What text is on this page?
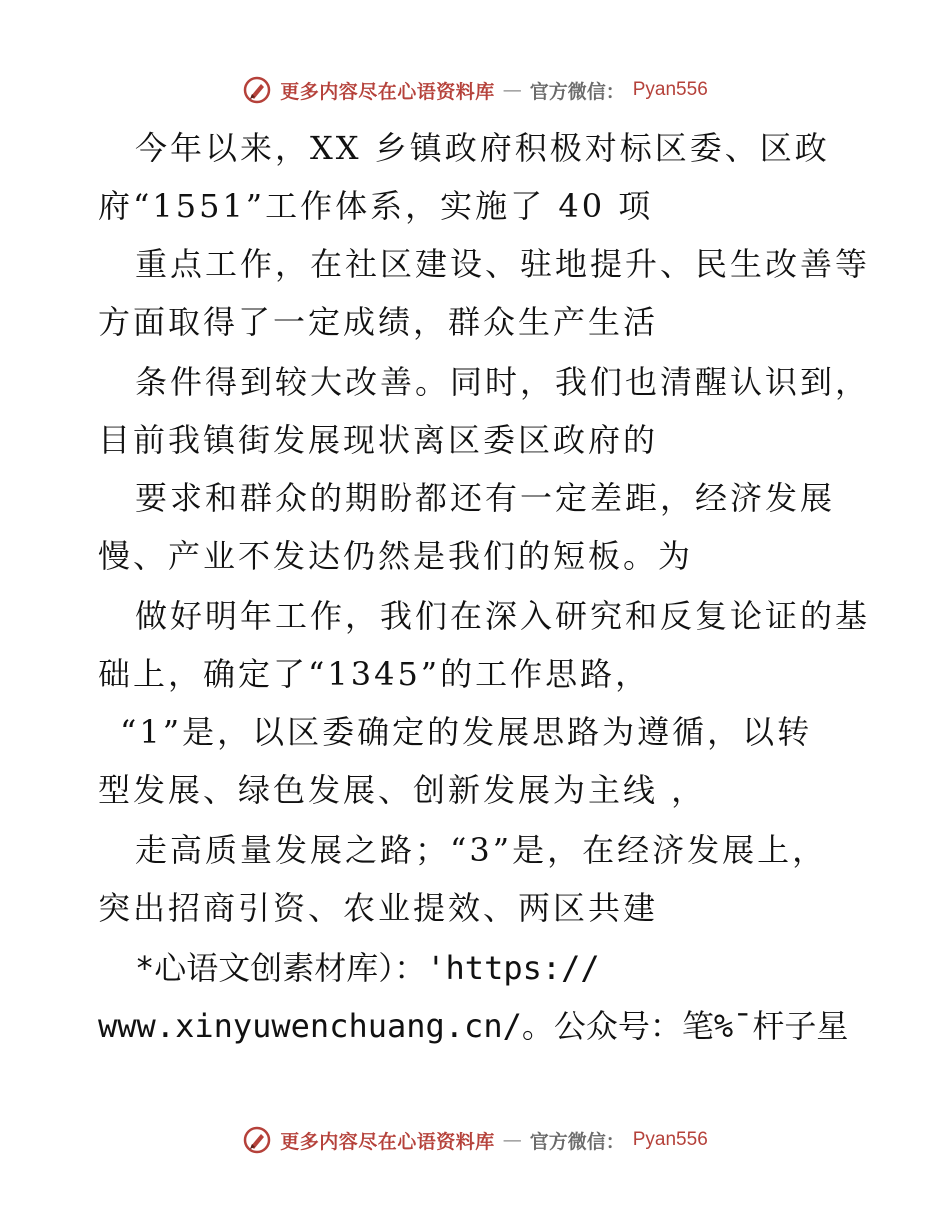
更多内容尽在心语资料库 — 官方微信： Pyan556
今年以来，XX 乡镇政府积极对标区委、区政
府“1551”工作体系，实施了 40 项
重点工作，在社区建设、驻地提升、民生改善等
方面取得了一定成绩，群众生产生活
条件得到较大改善。同时，我们也清醒认识到，
目前我镇街发展现状离区委区政府的
要求和群众的期盼都还有一定差距，经济发展
慢、产业不发达仍然是我们的短板。为
做好明年工作，我们在深入研究和反复论证的基
础上，确定了“1345”的工作思路，
“1”是，以区委确定的发展思路为遵循，以转
型发展、绿色发展、创新发展为主线 ，
走高质量发展之路；“3”是，在经济发展上，
突出招商引资、农业提效、两区共建
*心语文创素材库）：'https://
www.xinyuwenchuang.cn/。公众号：笔%¯杆子星
更多内容尽在心语资料库 — 官方微信： Pyan556
